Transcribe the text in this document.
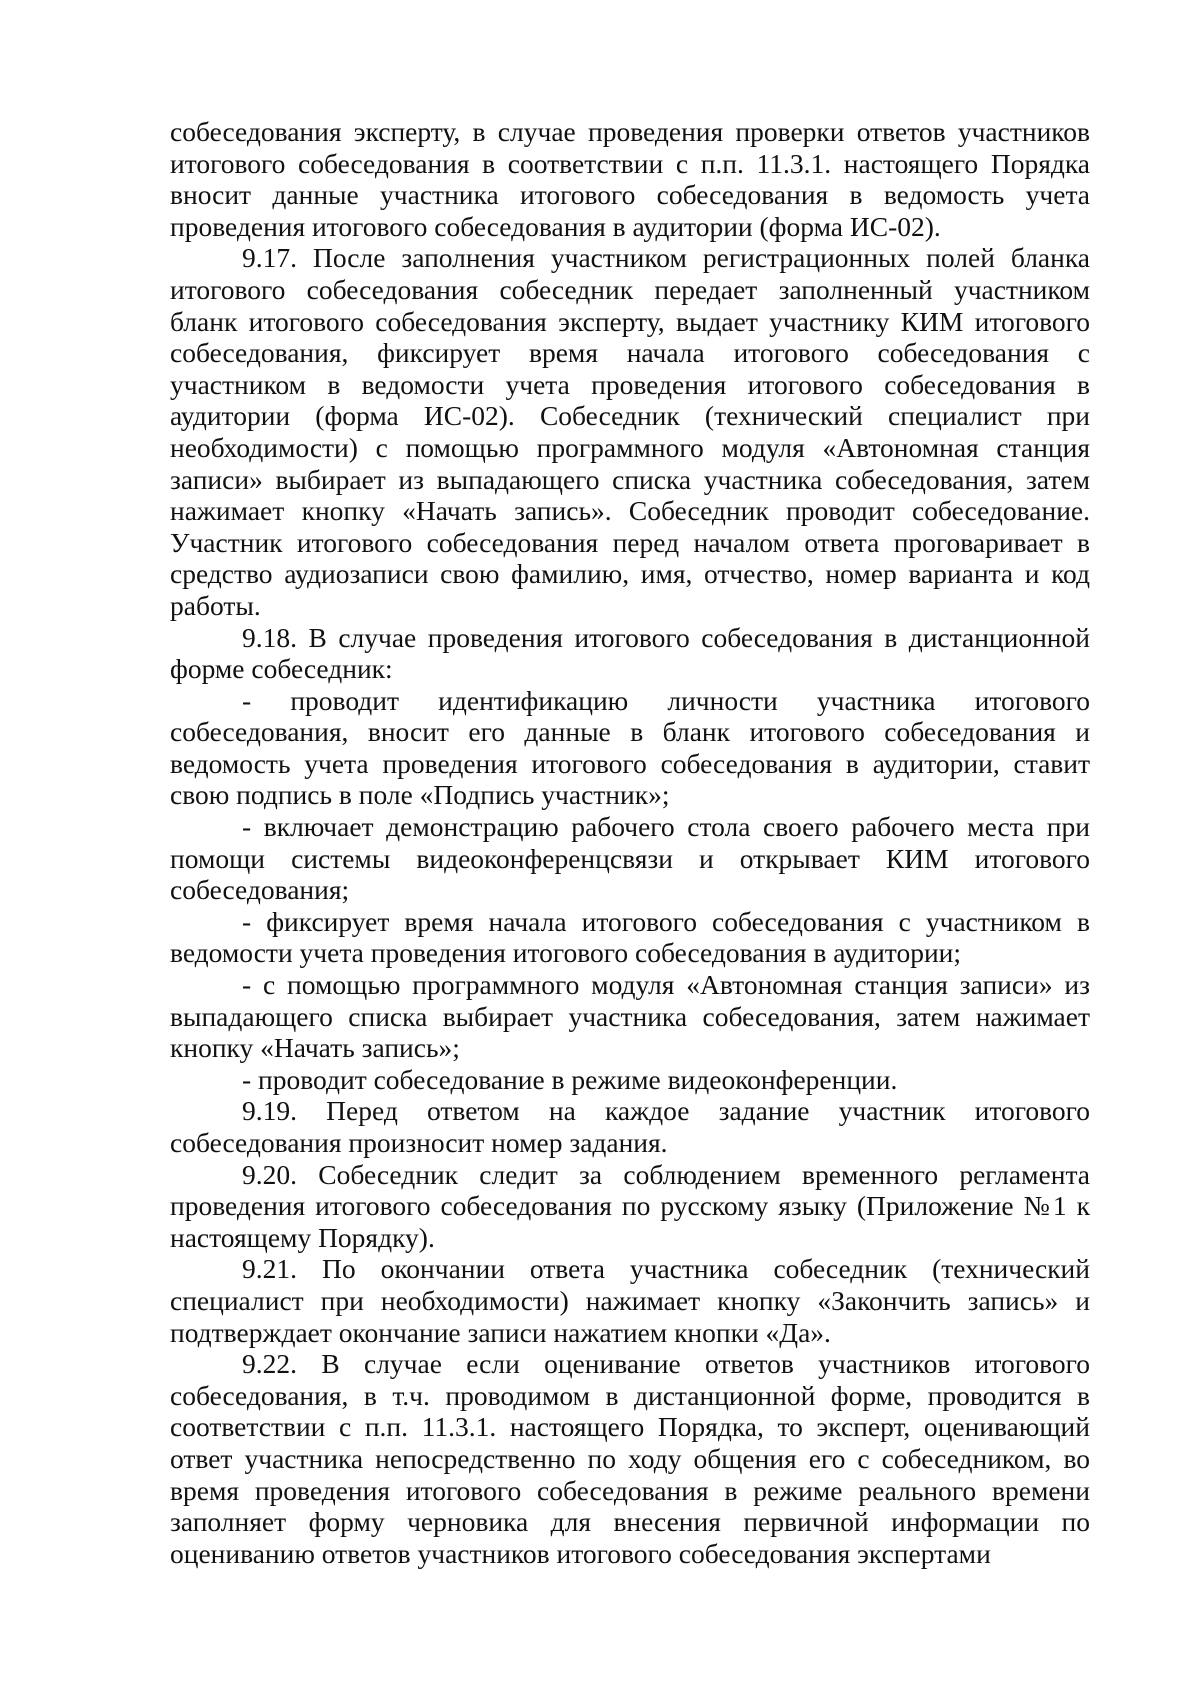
собеседования эксперту, в случае проведения проверки ответов участников итогового собеседования в соответствии с п.п. 11.3.1. настоящего Порядка вносит данные участника итогового собеседования в ведомость учета проведения итогового собеседования в аудитории (форма ИС-02).

9.17. После заполнения участником регистрационных полей бланка итогового собеседования собеседник передает заполненный участником бланк итогового собеседования эксперту, выдает участнику КИМ итогового собеседования, фиксирует время начала итогового собеседования с участником в ведомости учета проведения итогового собеседования в аудитории (форма ИС-02). Собеседник (технический специалист при необходимости) с помощью программного модуля «Автономная станция записи» выбирает из выпадающего списка участника собеседования, затем нажимает кнопку «Начать запись». Собеседник проводит собеседование. Участник итогового собеседования перед началом ответа проговаривает в средство аудиозаписи свою фамилию, имя, отчество, номер варианта и код работы.

9.18. В случае проведения итогового собеседования в дистанционной форме собеседник:

- проводит идентификацию личности участника итогового собеседования, вносит его данные в бланк итогового собеседования и ведомость учета проведения итогового собеседования в аудитории, ставит свою подпись в поле «Подпись участник»;

- включает демонстрацию рабочего стола своего рабочего места при помощи системы видеоконференцсвязи и открывает КИМ итогового собеседования;

- фиксирует время начала итогового собеседования с участником в ведомости учета проведения итогового собеседования в аудитории;

- с помощью программного модуля «Автономная станция записи» из выпадающего списка выбирает участника собеседования, затем нажимает кнопку «Начать запись»;

- проводит собеседование в режиме видеоконференции.

9.19. Перед ответом на каждое задание участник итогового собеседования произносит номер задания.

9.20. Собеседник следит за соблюдением временного регламента проведения итогового собеседования по русскому языку (Приложение №1 к настоящему Порядку).

9.21. По окончании ответа участника собеседник (технический специалист при необходимости) нажимает кнопку «Закончить запись» и подтверждает окончание записи нажатием кнопки «Да».

9.22. В случае если оценивание ответов участников итогового собеседования, в т.ч. проводимом в дистанционной форме, проводится в соответствии с п.п. 11.3.1. настоящего Порядка, то эксперт, оценивающий ответ участника непосредственно по ходу общения его с собеседником, во время проведения итогового собеседования в режиме реального времени заполняет форму черновика для внесения первичной информации по оцениванию ответов участников итогового собеседования экспертами
